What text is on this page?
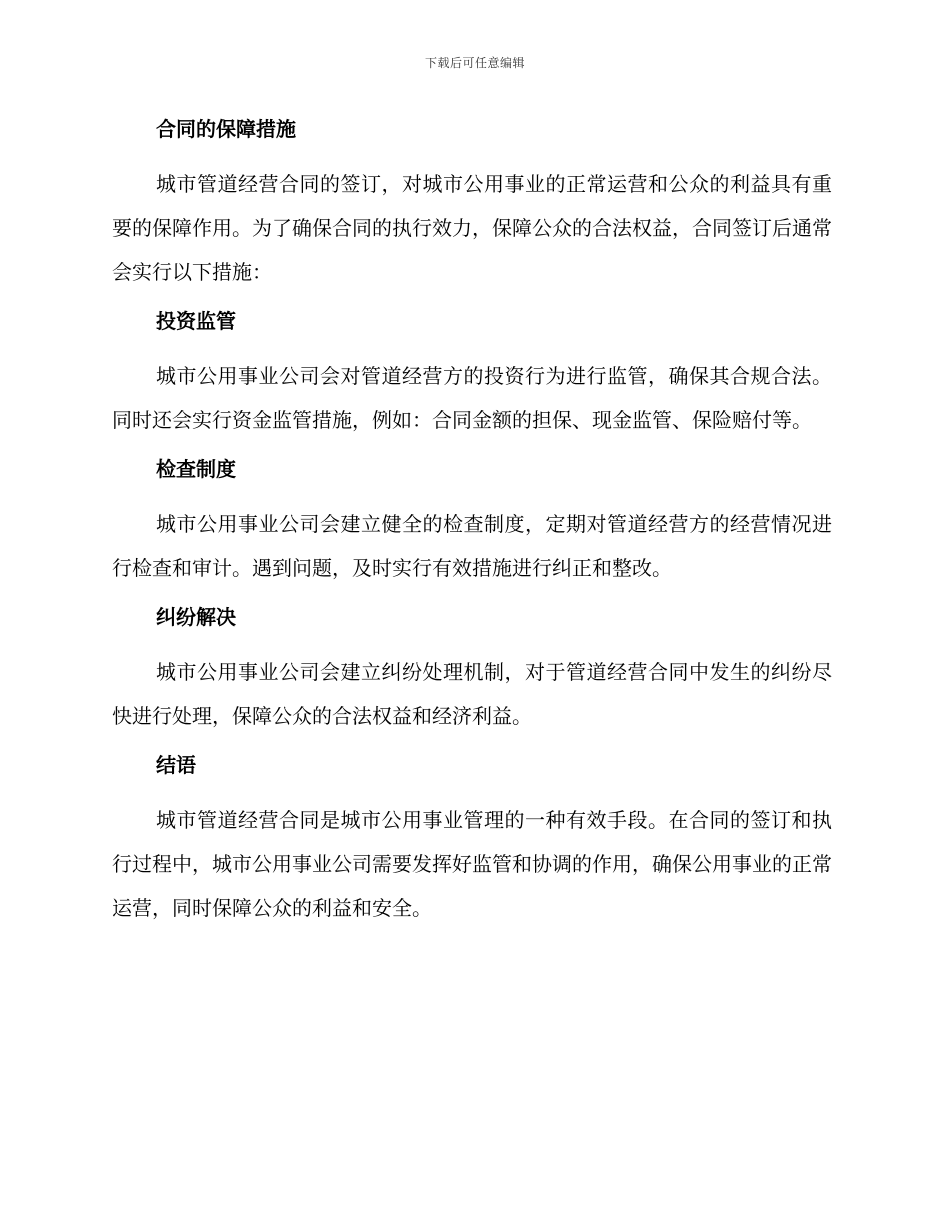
下载后可任意编辑
合同的保障措施

城市管道经营合同的签订，对城市公用事业的正常运营和公众的利益具有重要的保障作用。为了确保合同的执行效力，保障公众的合法权益，合同签订后通常会实行以下措施：

投资监管

城市公用事业公司会对管道经营方的投资行为进行监管，确保其合规合法。同时还会实行资金监管措施，例如：合同金额的担保、现金监管、保险赔付等。

检查制度

城市公用事业公司会建立健全的检查制度，定期对管道经营方的经营情况进行检查和审计。遇到问题，及时实行有效措施进行纠正和整改。

纠纷解决

城市公用事业公司会建立纠纷处理机制，对于管道经营合同中发生的纠纷尽快进行处理，保障公众的合法权益和经济利益。

结语

城市管道经营合同是城市公用事业管理的一种有效手段。在合同的签订和执行过程中，城市公用事业公司需要发挥好监管和协调的作用，确保公用事业的正常运营，同时保障公众的利益和安全。
